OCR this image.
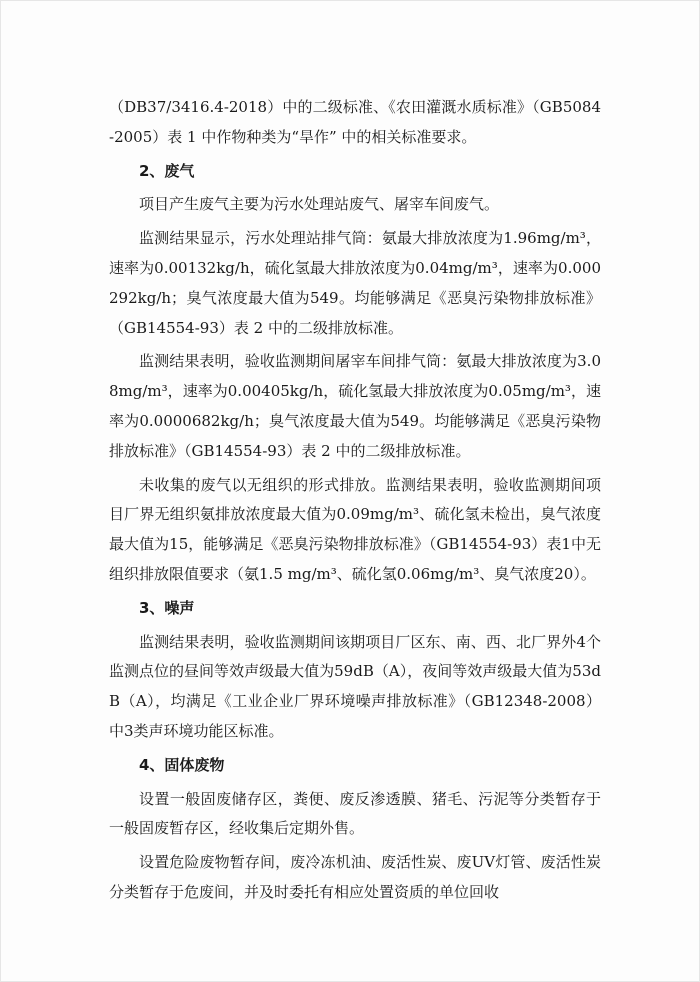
（DB37/3416.4-2018）中的二级标准、《农田灌溉水质标准》（GB5084-2005）表 1 中作物种类为“旱作” 中的相关标准要求。
2、废气
项目产生废气主要为污水处理站废气、屠宰车间废气。
监测结果显示，污水处理站排气筒：氨最大排放浓度为1.96mg/m³，速率为0.00132kg/h，硫化氢最大排放浓度为0.04mg/m³，速率为0.000292kg/h；臭气浓度最大值为549。均能够满足《恶臭污染物排放标准》（GB14554-93）表 2 中的二级排放标准。
监测结果表明，验收监测期间屠宰车间排气筒：氨最大排放浓度为3.08mg/m³，速率为0.00405kg/h，硫化氢最大排放浓度为0.05mg/m³，速率为0.0000682kg/h；臭气浓度最大值为549。均能够满足《恶臭污染物排放标准》（GB14554-93）表 2 中的二级排放标准。
未收集的废气以无组织的形式排放。监测结果表明，验收监测期间项目厂界无组织氨排放浓度最大值为0.09mg/m³、硫化氢未检出，臭气浓度最大值为15，能够满足《恶臭污染物排放标准》（GB14554-93）表1中无组织排放限值要求（氨1.5 mg/m³、硫化氢0.06mg/m³、臭气浓度20）。
3、噪声
监测结果表明，验收监测期间该期项目厂区东、南、西、北厂界外4个监测点位的昼间等效声级最大值为59dB（A），夜间等效声级最大值为53dB（A），均满足《工业企业厂界环境噪声排放标准》（GB12348-2008）中3类声环境功能区标准。
4、固体废物
设置一般固废储存区，粪便、废反渗透膜、猪毛、污泥等分类暂存于一般固废暂存区，经收集后定期外售。
设置危险废物暂存间，废冷冻机油、废活性炭、废UV灯管、废活性炭分类暂存于危废间，并及时委托有相应处置资质的单位回收
